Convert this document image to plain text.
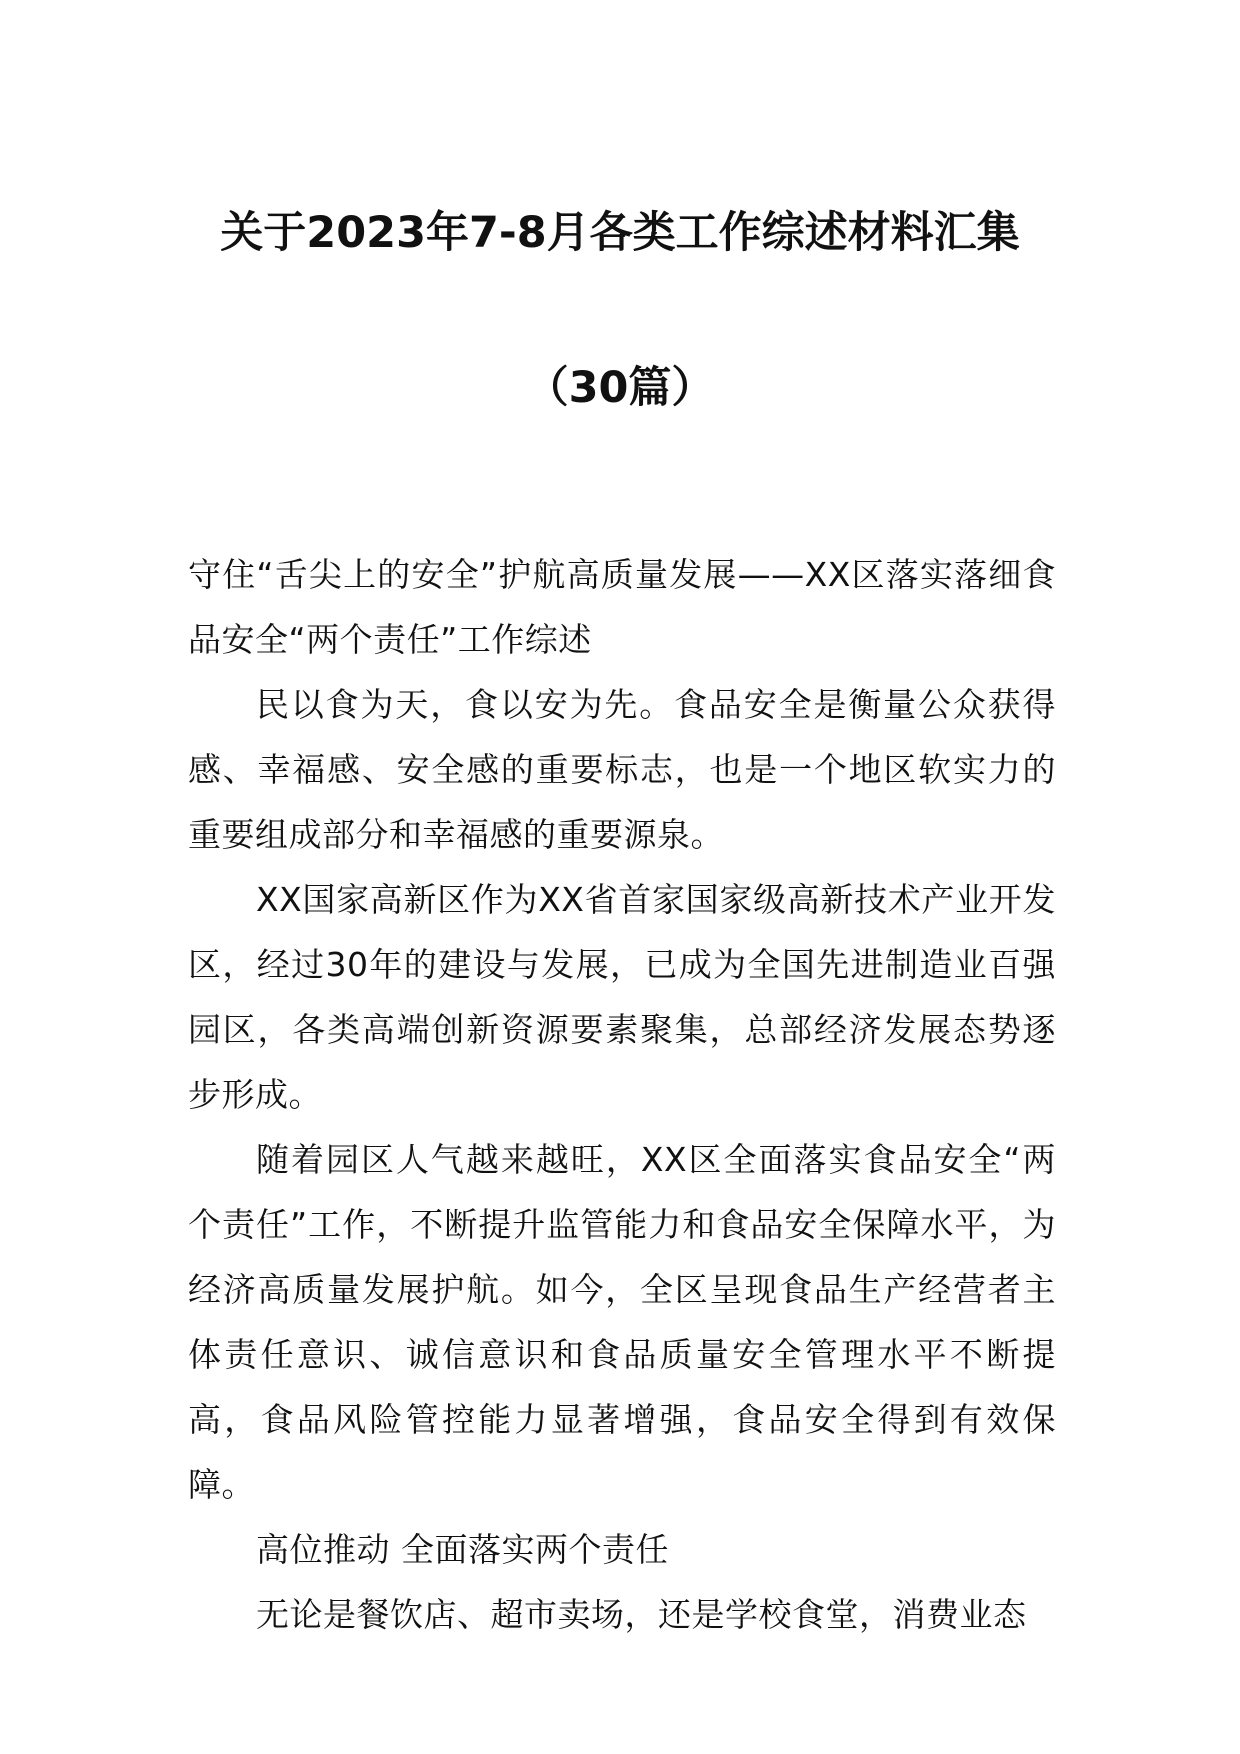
关于2023年7-8月各类工作综述材料汇集
（30篇）

守住“舌尖上的安全”护航高质量发展——XX区落实落细食品安全“两个责任”工作综述

民以食为天，食以安为先。食品安全是衡量公众获得感、幸福感、安全感的重要标志，也是一个地区软实力的重要组成部分和幸福感的重要源泉。

XX国家高新区作为XX省首家国家级高新技术产业开发区，经过30年的建设与发展，已成为全国先进制造业百强园区，各类高端创新资源要素聚集，总部经济发展态势逐步形成。

随着园区人气越来越旺，XX区全面落实食品安全“两个责任”工作，不断提升监管能力和食品安全保障水平，为经济高质量发展护航。如今，全区呈现食品生产经营者主体责任意识、诚信意识和食品质量安全管理水平不断提高，食品风险管控能力显著增强，食品安全得到有效保障。

高位推动 全面落实两个责任

无论是餐饮店、超市卖场，还是学校食堂，消费业态
